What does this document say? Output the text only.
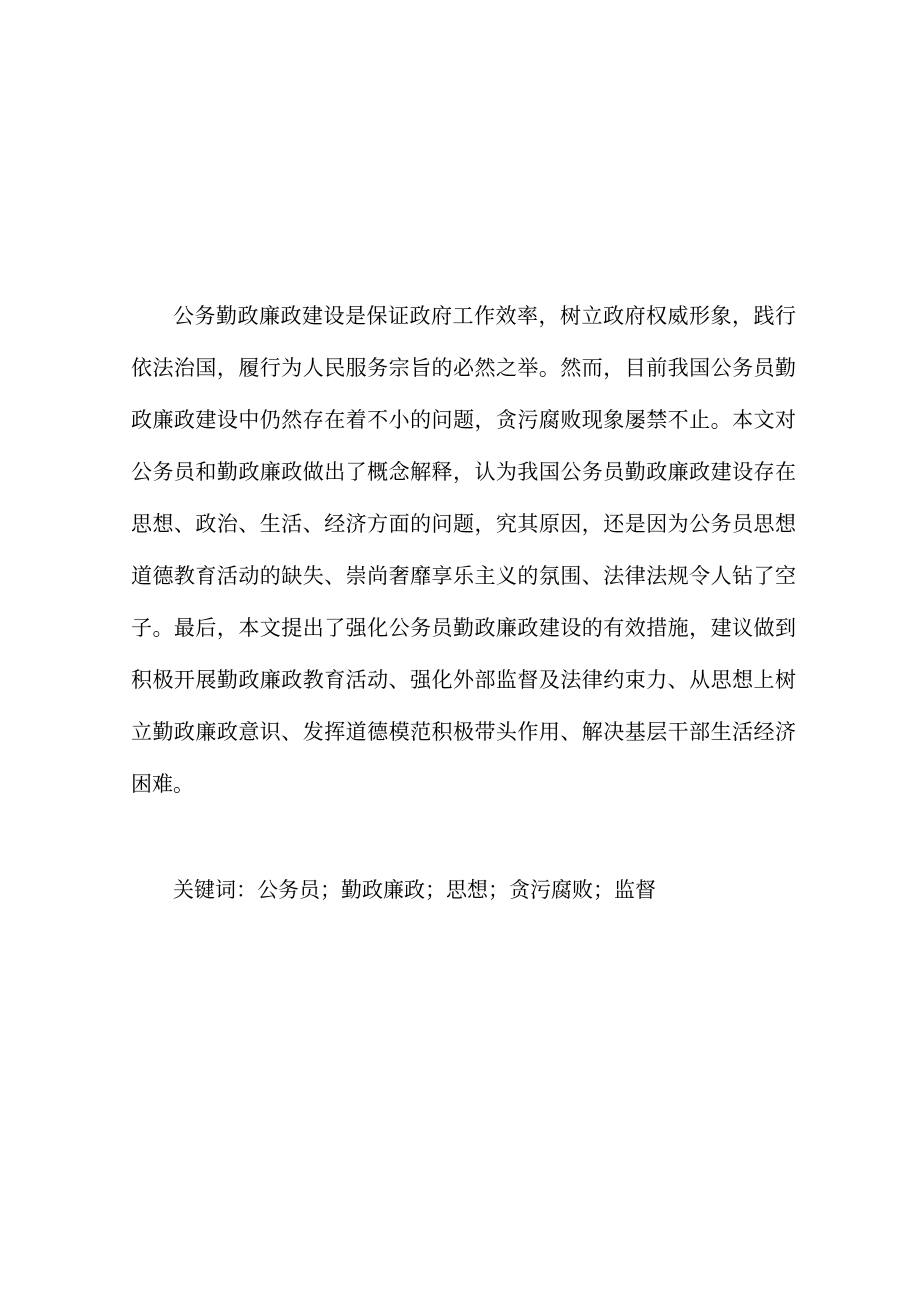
公务勤政廉政建设是保证政府工作效率，树立政府权威形象，践行依法治国，履行为人民服务宗旨的必然之举。然而，目前我国公务员勤政廉政建设中仍然存在着不小的问题，贪污腐败现象屡禁不止。本文对公务员和勤政廉政做出了概念解释，认为我国公务员勤政廉政建设存在思想、政治、生活、经济方面的问题，究其原因，还是因为公务员思想道德教育活动的缺失、崇尚奢靡享乐主义的氛围、法律法规令人钻了空子。最后，本文提出了强化公务员勤政廉政建设的有效措施，建议做到积极开展勤政廉政教育活动、强化外部监督及法律约束力、从思想上树立勤政廉政意识、发挥道德模范积极带头作用、解决基层干部生活经济困难。

关键词：公务员；勤政廉政；思想；贪污腐败；监督
